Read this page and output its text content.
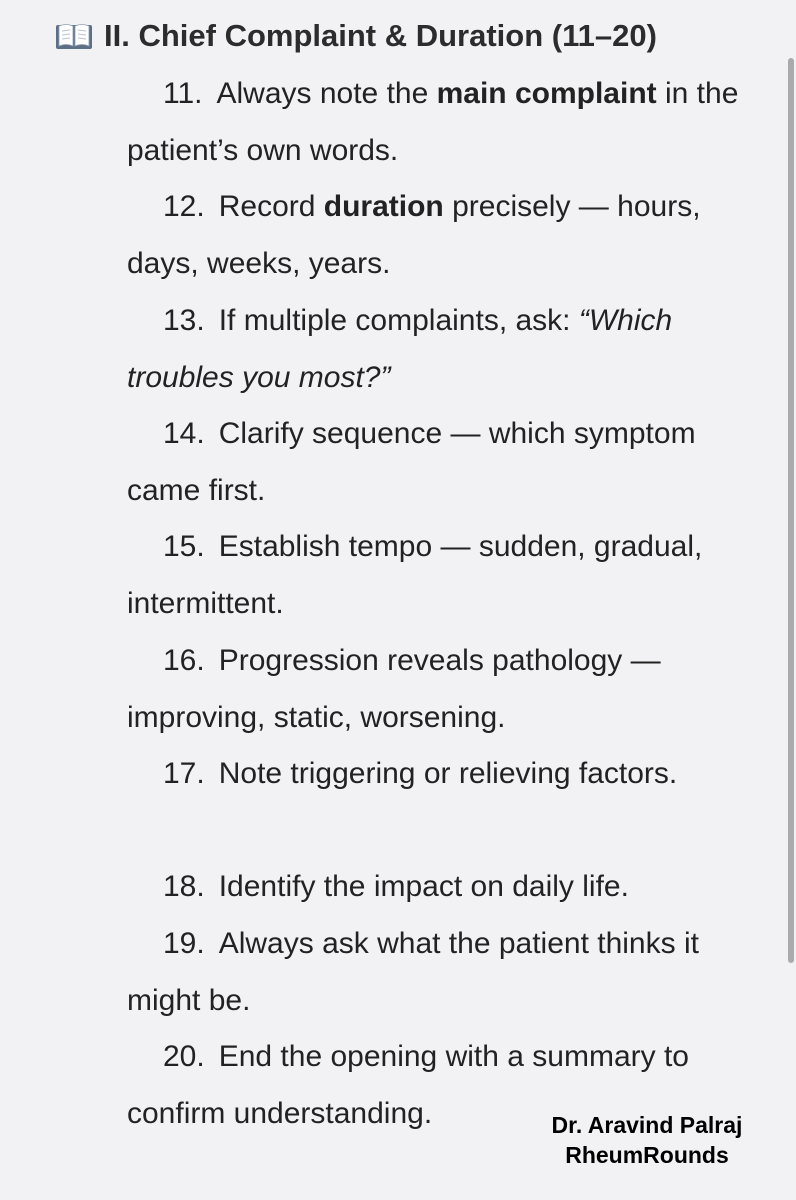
II. Chief Complaint & Duration (11–20)
11. Always note the main complaint in the patient’s own words.
12. Record duration precisely — hours, days, weeks, years.
13. If multiple complaints, ask: “Which troubles you most?”
14. Clarify sequence — which symptom came first.
15. Establish tempo — sudden, gradual, intermittent.
16. Progression reveals pathology — improving, static, worsening.
17. Note triggering or relieving factors.
18. Identify the impact on daily life.
19. Always ask what the patient thinks it might be.
20. End the opening with a summary to confirm understanding.	Dr. Aravind Palraj
RheumRounds
